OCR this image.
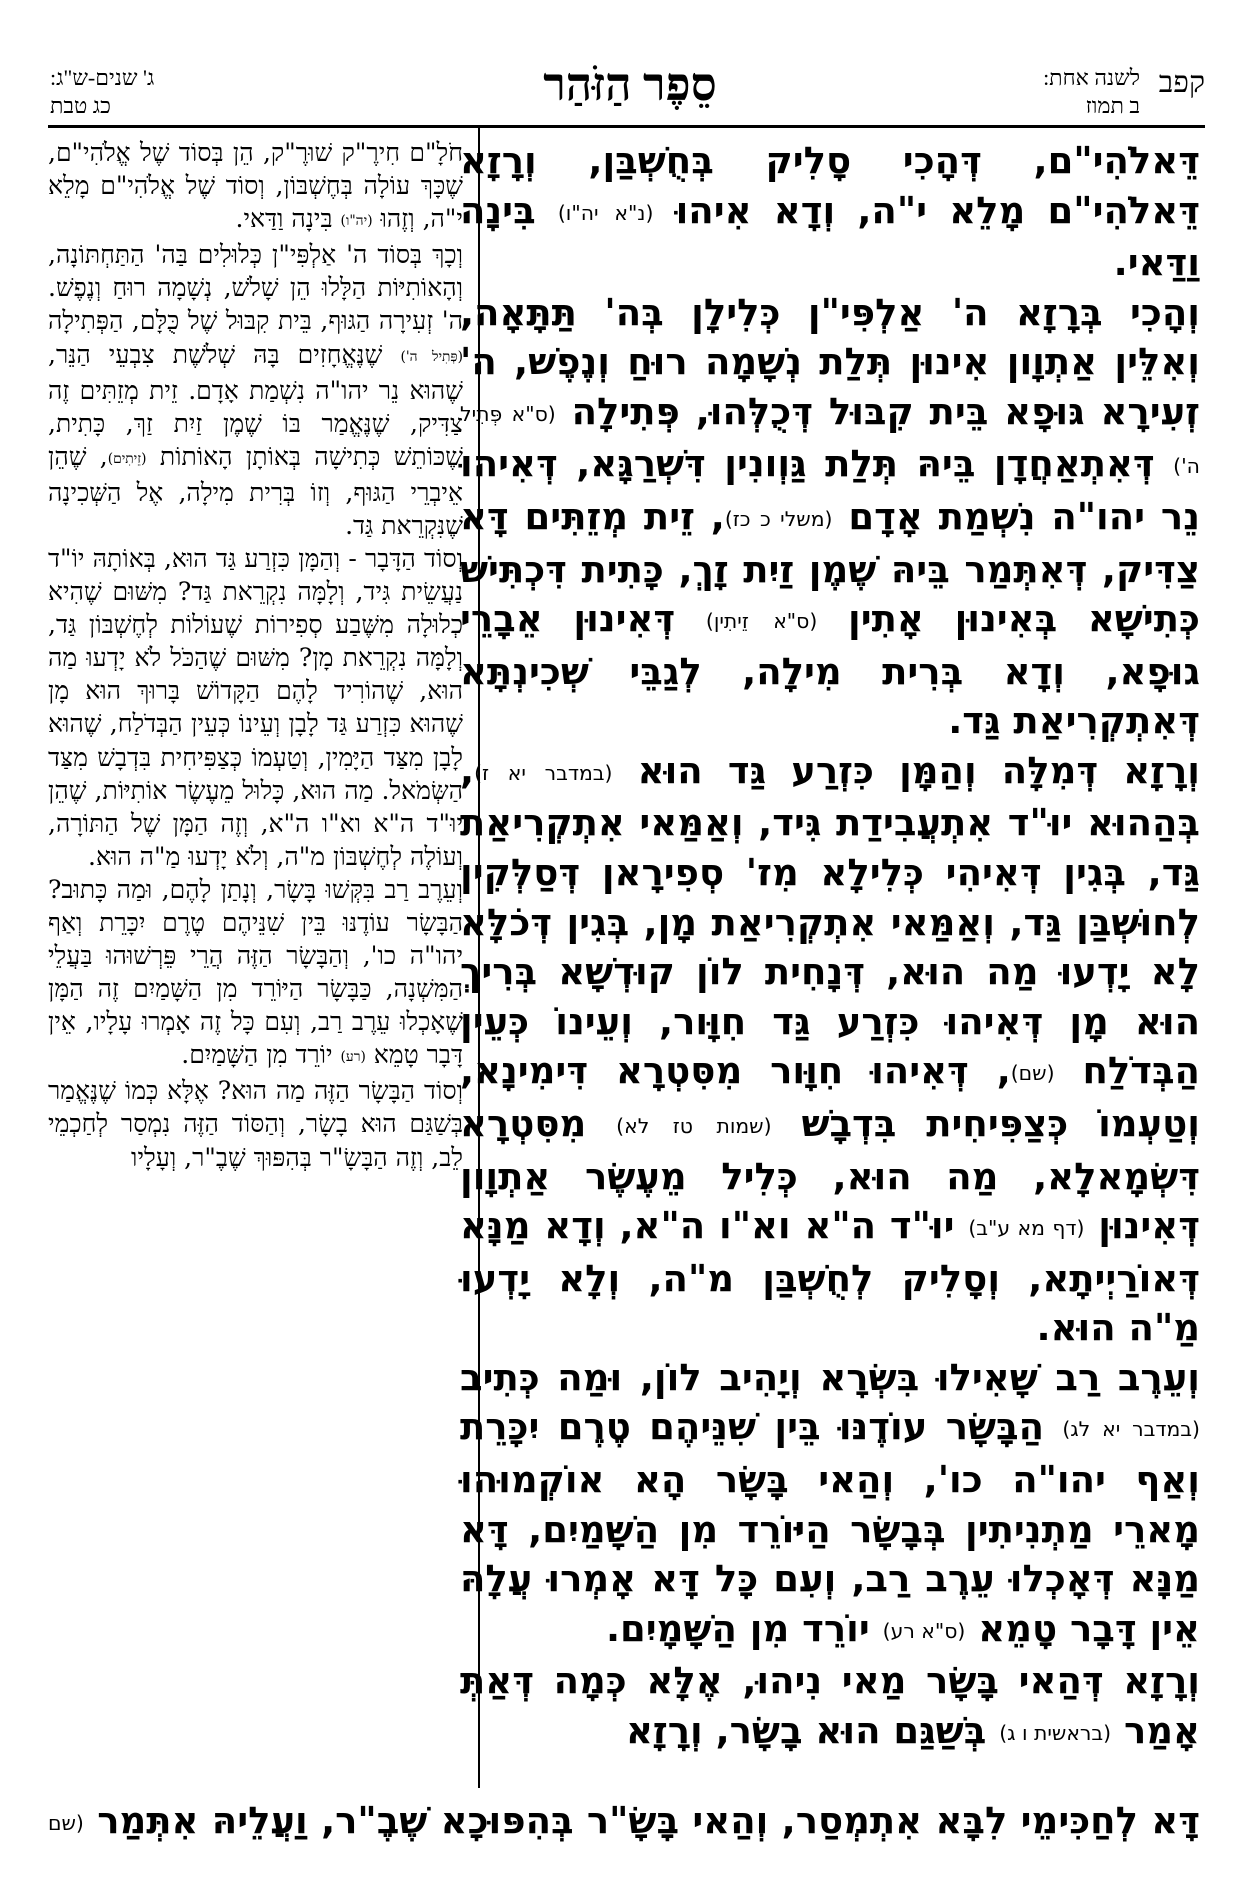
קפב
לשנה אחת:
ב תמוז
סֵפֶר הַזֹּהַר
ג' שנים-ש"ג:
כג טבת

דֵּאלֹהִי"ם, דְּהָכִי סָלִיק בְּחֻשְׁבַּן, וְרָזָא דֵּאלֹהִי"ם מָלֵא י"ה, וְדָא אִיהוּ (נ"א יה"ו) בִּינָה וַדַּאי.

וְהָכִי בְּרָזָא ה' אַלְפִּי"ן כְּלִילָן בְּה' תַּתָּאָה, וְאִלֵּין אַתְוָון אִינוּן תְּלַת נְשָׁמָה רוּחַ וְנֶפֶשׁ, ה' זְעִירָא גּוּפָא בֵּית קִבּוּל דְּכֻלְּהוּ, פְּתִילָה (ס"א פְּתִיל ה') דְּאִתְאַחֲדָן בֵּיהּ תְּלַת גַּוְונִין דִּשְׁרַגָּא, דְּאִיהוּ נֵר יהו"ה נִשְׁמַת אָדָם (משלי כ כז), זֵית מְזֵתִּים דָּא צַדִּיק, דְּאִתְּמַר בֵּיהּ שֶׁמֶן זַיִת זָךְ, כָּתִית דִּכְתִּישׁ כְּתִישָׁא בְּאִינוּן אָתִין (ס"א זֵיתִין) דְּאִינוּן אֵבָרֵי גוּפָא, וְדָא בְּרִית מִילָה, לְגַבֵּי שְׁכִינְתָּא דְּאִתְקְרִיאַת גַּד.

וְרָזָא דְּמִלָּה וְהַמָּן כִּזְרַע גַּד הוּא (במדבר יא ז), בְּהַהוּא יוּ"ד אִתְעֲבִידַת גִּיד, וְאַמַּאי אִתְקְרִיאַת גַּד, בְּגִין דְּאִיהִי כְּלִילָא מִז' סְפִירָאן דְּסַלְּקִין לְחוּשְׁבַּן גַּד, וְאַמַּאי אִתְקְרִיאַת מָן, בְּגִין דְּכֹלָּא לָא יָדְעוּ מַה הוּא, דְּנָחִית לוֹן קוּדְשָׁא בְּרִיךְ הוּא מָן דְּאִיהוּ כִּזְרַע גַּד חִוָּור, וְעֵינוֹ כְּעֵין הַבְּדֹלַח (שם), דְּאִיהוּ חִוָּור מִסִּטְרָא דִּימִינָא, וְטַעְמוֹ כְּצַפִּיחִית בִּדְבָשׁ (שמות טז לא) מִסִּטְרָא דִּשְׂמָאלָא, מַה הוּא, כְּלִיל מֵעֶשֶׂר אַתְוָון דְּאִינוּן (דף מא ע"ב) יוּ"ד ה"א וא"ו ה"א, וְדָא מַנָּא דְּאוֹרַיְיתָא, וְסָלִיק לְחֻשְׁבַּן מ"ה, וְלָא יָדְעוּ מַ"ה הוּא.

וְעֵרֶב רַב שָׁאִילוּ בִּשְׂרָא וְיָהִיב לוֹן, וּמַה כְּתִיב (במדבר יא לג) הַבָּשָׂר עוֹדֶנּוּ בֵּין שִׁנֵּיהֶם טֶרֶם יִכָּרֵת וְאַף יהו"ה כו', וְהַאי בָּשָׂר הָא אוֹקְמוּהוּ מָארֵי מַתְנִיתִין בְּבָשָׂר הַיּוֹרֵד מִן הַשָּׁמַיִם, דָּא מַנָּא דְּאָכְלוּ עֵרֶב רַב, וְעִם כָּל דָּא אָמְרוּ עֲלָהּ אֵין דָּבָר טָמֵא (ס"א רע) יוֹרֵד מִן הַשָּׁמָיִם.

וְרָזָא דְּהַאי בָּשָׂר מַאי נִיהוּ, אֶלָּא כְּמָה דְּאַתְּ אָמַר (בראשית ו ג) בְּשַׁגַּם הוּא בָשָׂר, וְרָזָא

חֹלָ"ם חִירֶ"ק שׁוּרֶ"ק, הֵן בְּסוֹד שֶׁל אֱלֹהִי"ם, שֶׁכָּךְ עוֹלָה בְּחֶשְׁבּוֹן, וְסוֹד שֶׁל אֱלֹהִי"ם מָלֵא י"ה, וְזֶהוּ (יה"ו) בִּינָה וַדַּאי.

וְכָךְ בְּסוֹד ה' אַלְפִּי"ן כְּלוּלִים בַּה' הַתַּחְתּוֹנָה, וְהָאוֹתִיּוֹת הַלָּלוּ הֵן שָׁלֹשׁ, נְשָׁמָה רוּחַ וְנֶפֶשׁ. ה' זְעִירָה הַגּוּף, בֵּית קִבּוּל שֶׁל כֻּלָּם, הַפְּתִילָה (פְּתִיל ה') שֶׁנֶּאֱחָזִים בָּהּ שְׁלֹשֶׁת צִבְעֵי הַנֵּר, שֶׁהוּא נֵר יהו"ה נִשְׁמַת אָדָם. זֵית מְזֵתִּים זֶה צַדִּיק, שֶׁנֶּאֱמַר בּוֹ שֶׁמֶן זַיִת זַךְ, כָּתִית, שֶׁכּוֹתֵשׁ כְּתִישָׁה בְּאוֹתָן הָאוֹתוֹת (זֵיתִים), שֶׁהֵן אֵיבְרֵי הַגּוּף, וְזוֹ בְּרִית מִילָה, אֶל הַשְּׁכִינָה שֶׁנִּקְרֵאת גַּד.

וְסוֹד הַדָּבָר - וְהַמָּן כִּזְרַע גַּד הוּא, בְּאוֹתָהּ יוֹ"ד נַעֲשֵׂית גִּיד, וְלָמָּה נִקְרֵאת גַּד? מִשּׁוּם שֶׁהִיא כְלוּלָה מִשֶּׁבַע סְפִירוֹת שֶׁעוֹלוֹת לְחֶשְׁבּוֹן גַּד, וְלָמָּה נִקְרֵאת מָן? מִשּׁוּם שֶׁהַכֹּל לֹא יָדְעוּ מַה הוּא, שֶׁהוֹרִיד לָהֶם הַקָּדוֹשׁ בָּרוּךְ הוּא מָן שֶׁהוּא כִּזְרַע גַּד לָבָן וְעֵינוֹ כְּעֵין הַבְּדֹלַח, שֶׁהוּא לָבָן מִצַּד הַיָּמִין, וְטַעְמוֹ כְּצַפִּיחִית בִּדְבָשׁ מִצַּד הַשְּׂמֹאל. מַה הוּא, כָּלוּל מֵעֶשֶׂר אוֹתִיּוֹת, שֶׁהֵן יוּ"ד ה"א וא"ו ה"א, וְזֶה הַמָּן שֶׁל הַתּוֹרָה, וְעוֹלֶה לְחֶשְׁבּוֹן מ"ה, וְלֹא יָדְעוּ מַ"ה הוּא.

וְעֵרֶב רַב בִּקְּשׁוּ בָּשָׂר, וְנָתַן לָהֶם, וּמַה כָּתוּב? הַבָּשָׂר עוֹדֶנּוּ בֵּין שִׁנֵּיהֶם טֶרֶם יִכָּרֵת וְאַף יהו"ה כו', וְהַבָּשָׂר הַזֶּה הֲרֵי פֵּרְשׁוּהוּ בַּעֲלֵי הַמִּשְׁנָה, כַּבָּשָׂר הַיּוֹרֵד מִן הַשָּׁמַיִם זֶה הַמָּן שֶׁאָכְלוּ עֵרֶב רַב, וְעִם כָּל זֶה אָמְרוּ עָלָיו, אֵין דָּבָר טָמֵא (רע) יוֹרֵד מִן הַשָּׁמַיִם.

וְסוֹד הַבָּשָׂר הַזֶּה מַה הוּא? אֶלָּא כְּמוֹ שֶׁנֶּאֱמַר בְּשַׁגַּם הוּא בָשָׂר, וְהַסּוֹד הַזֶּה נִמְסַר לְחַכְמֵי לֵב, וְזֶה הַבָּשָׂ"ר בְּהִפּוּךְ שֶׁבֶ"ר, וְעָלָיו

דָּא לְחַכִּימֵי לִבָּא אִתְמְסַר, וְהַאי בָּשָׂ"ר בְּהִפּוּכָא שֶׁבֶ"ר, וַעֲלֵיהּ אִתְּמַר (שם
